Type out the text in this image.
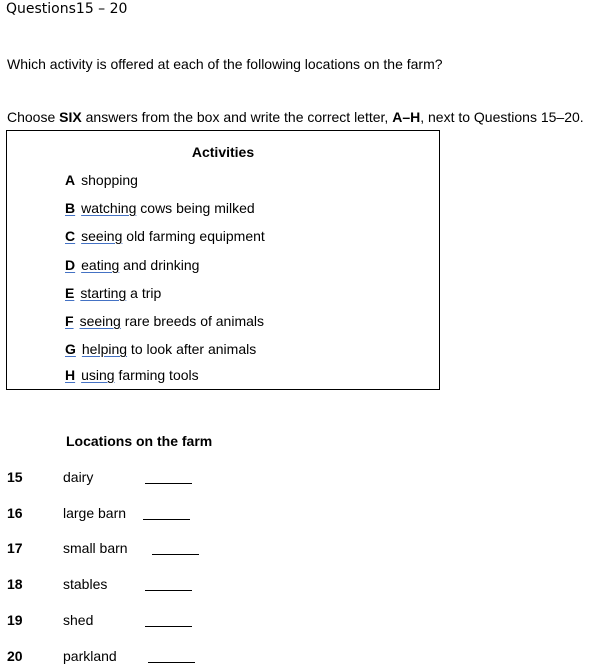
Questions15 – 20
Which activity is offered at each of the following locations on the farm?
Choose SIX answers from the box and write the correct letter, A–H, next to Questions 15–20.
Activities
A shopping
B watching cows being milked
C seeing old farming equipment
D eating and drinking
E starting a trip
F seeing rare breeds of animals
G helping to look after animals
H using farming tools
Locations on the farm
15	dairy
16	large barn
17	small barn
18	stables
19	shed
20	parkland
